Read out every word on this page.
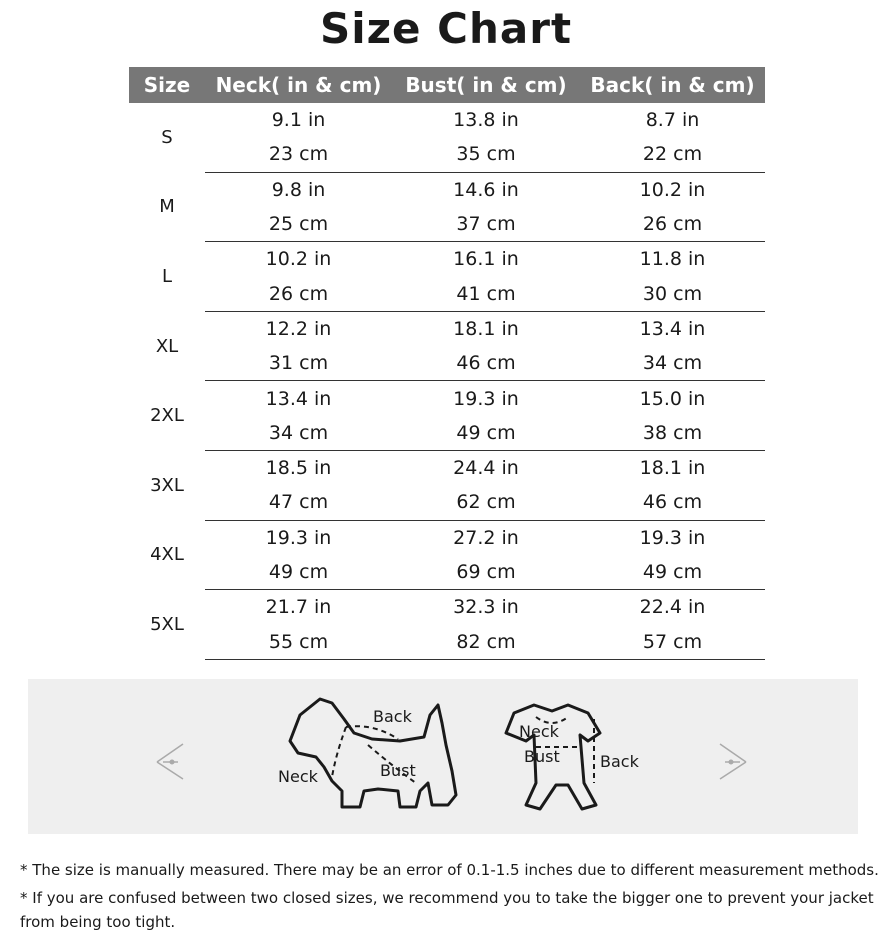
Size Chart
Size	Neck( in & cm)	Bust( in & cm)	Back( in & cm)
S	9.1 in	13.8 in	8.7 in
	23 cm	35 cm	22 cm
M	9.8 in	14.6 in	10.2 in
	25 cm	37 cm	26 cm
L	10.2 in	16.1 in	11.8 in
	26 cm	41 cm	30 cm
XL	12.2 in	18.1 in	13.4 in
	31 cm	46 cm	34 cm
2XL	13.4 in	19.3 in	15.0 in
	34 cm	49 cm	38 cm
3XL	18.5 in	24.4 in	18.1 in
	47 cm	62 cm	46 cm
4XL	19.3 in	27.2 in	19.3 in
	49 cm	69 cm	49 cm
5XL	21.7 in	32.3 in	22.4 in
	55 cm	82 cm	57 cm
Back
Neck	Bust
Neck
Bust	Back
* The size is manually measured. There may be an error of 0.1-1.5 inches due to different measurement methods.
* If you are confused between two closed sizes, we recommend you to take the bigger one to prevent your jacket from being too tight.
